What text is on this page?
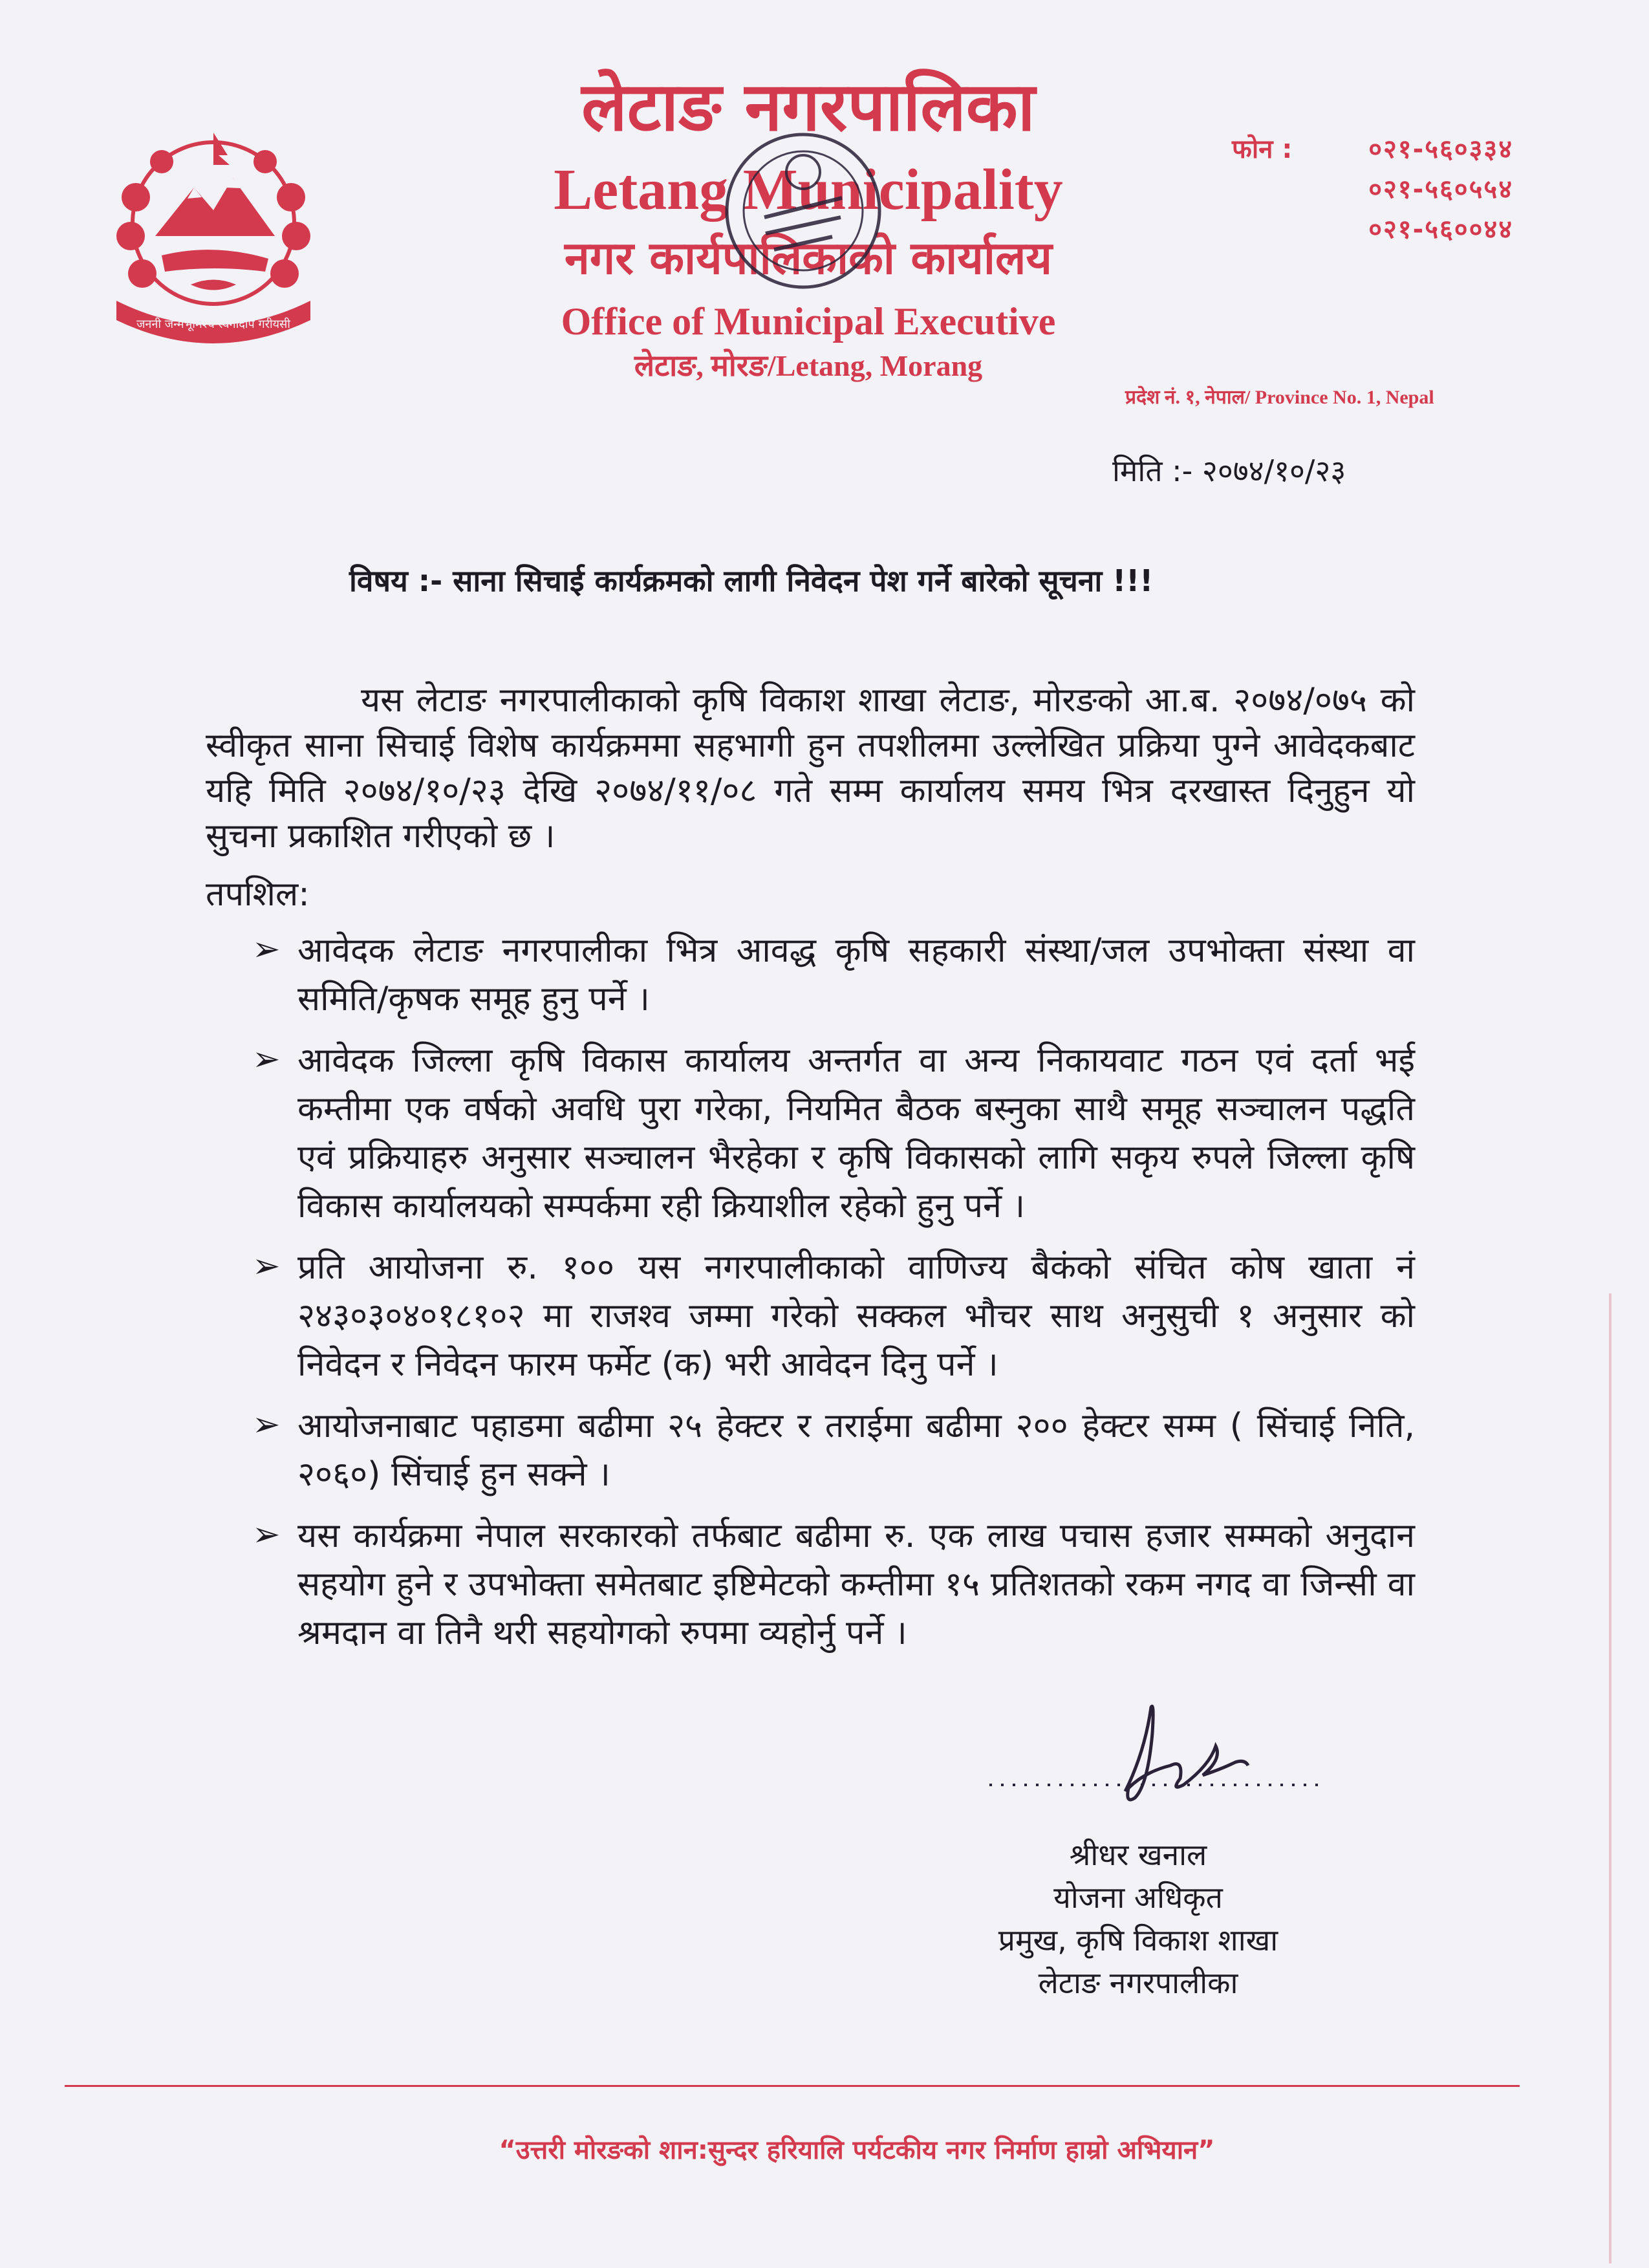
जननी जन्मभूमिश्च स्वर्गादपि गरीयसी
लेटाङ नगरपालिका
Letang Municipality
नगर कार्यपालिकाको कार्यालय
Office of Municipal Executive
लेटाङ, मोरङ/Letang, Morang
फोन :	०२१-५६०३३४
०२१-५६०५५४
०२१-५६००४४
प्रदेश नं. १, नेपाल/ Province No. 1, Nepal
मिति :- २०७४/१०/२३
विषय :- साना सिचाई कार्यक्रमको लागी निवेदन पेश गर्ने बारेको सूचना !!!
यस लेटाङ नगरपालीकाको कृषि विकाश शाखा लेटाङ, मोरङको आ.ब. २०७४/०७५ को स्वीकृत साना सिचाई विशेष कार्यक्रममा सहभागी हुन तपशीलमा उल्लेखित प्रक्रिया पुग्ने आवेदकबाट यहि मिति २०७४/१०/२३ देखि २०७४/११/०८ गते सम्म कार्यालय समय भित्र दरखास्त दिनुहुन यो सुचना प्रकाशित गरीएको छ ।
तपशिल:
➢ आवेदक लेटाङ नगरपालीका भित्र आवद्ध कृषि सहकारी संस्था/जल उपभोक्ता संस्था वा समिति/कृषक समूह हुनु पर्ने ।
➢ आवेदक जिल्ला कृषि विकास कार्यालय अन्तर्गत वा अन्य निकायवाट गठन एवं दर्ता भई कम्तीमा एक वर्षको अवधि पुरा गरेका, नियमित बैठक बस्नुका साथै समूह सञ्चालन पद्धति एवं प्रक्रियाहरु अनुसार सञ्चालन भैरहेका र कृषि विकासको लागि सकृय रुपले जिल्ला कृषि विकास कार्यालयको सम्पर्कमा रही क्रियाशील रहेको हुनु पर्ने ।
➢ प्रति आयोजना रु. १०० यस नगरपालीकाको वाणिज्य बैकंको संचित कोष खाता नं २४३०३०४०१८१०२ मा राजश्व जम्मा गरेको सक्कल भौचर साथ अनुसुची १ अनुसार को निवेदन र निवेदन फारम फर्मेट (क) भरी आवेदन दिनु पर्ने ।
➢ आयोजनाबाट पहाडमा बढीमा २५ हेक्टर र तराईमा बढीमा २०० हेक्टर सम्म ( सिंचाई निति, २०६०) सिंचाई हुन सक्ने ।
➢ यस कार्यक्रमा नेपाल सरकारको तर्फबाट बढीमा रु. एक लाख पचास हजार सम्मको अनुदान सहयोग हुने र उपभोक्ता समेतबाट इष्टिमेटको कम्तीमा १५ प्रतिशतको रकम नगद वा जिन्सी वा श्रमदान वा तिनै थरी सहयोगको रुपमा व्यहोर्नु पर्ने ।
श्रीधर खनाल
योजना अधिकृत
प्रमुख, कृषि विकाश शाखा
लेटाङ नगरपालीका
“उत्तरी मोरङको शान:सुन्दर हरियालि पर्यटकीय नगर निर्माण हाम्रो अभियान”
